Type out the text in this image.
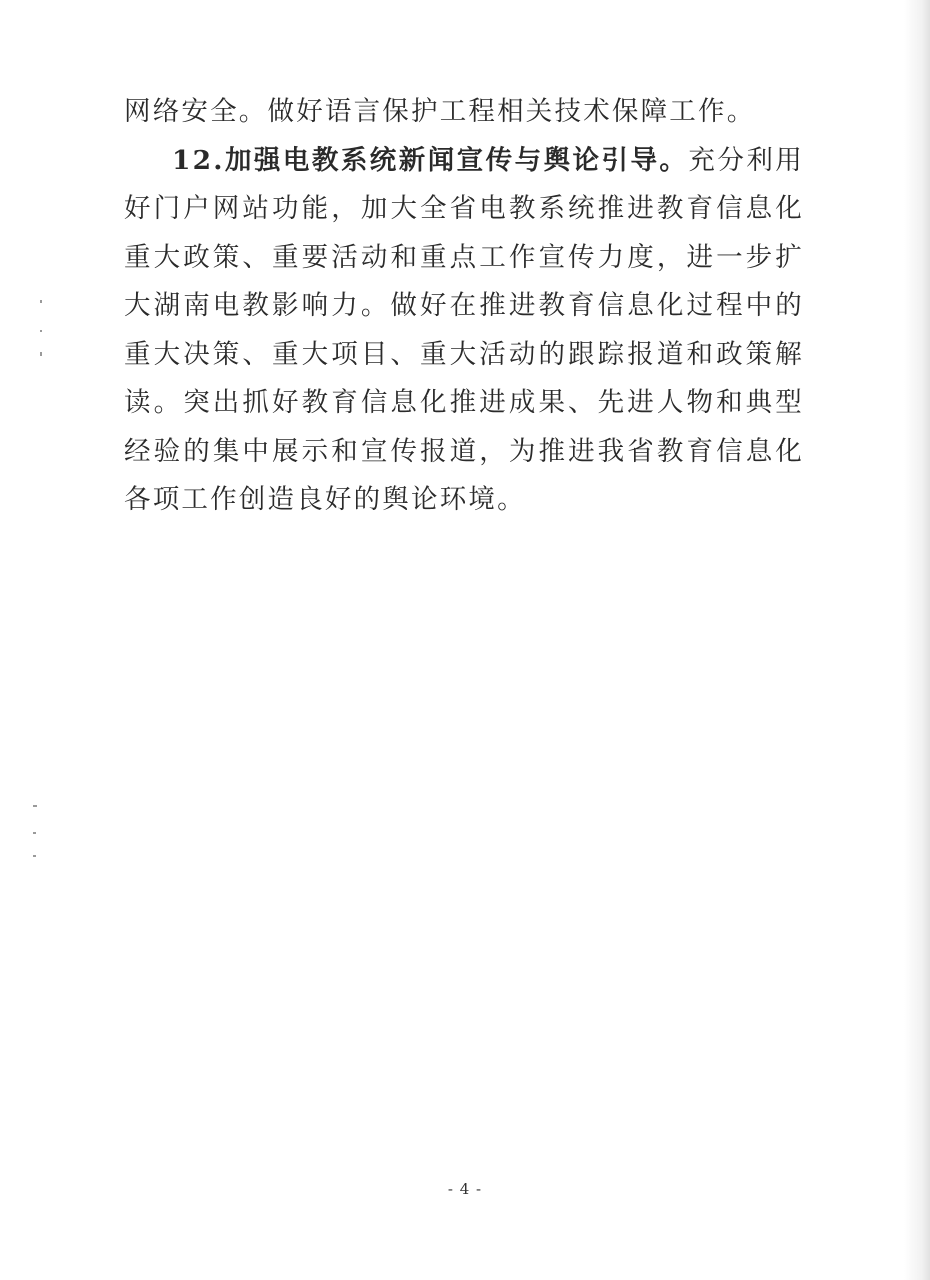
网络安全。做好语言保护工程相关技术保障工作。

12.加强电教系统新闻宣传与舆论引导。充分利用好门户网站功能，加大全省电教系统推进教育信息化重大政策、重要活动和重点工作宣传力度，进一步扩大湖南电教影响力。做好在推进教育信息化过程中的重大决策、重大项目、重大活动的跟踪报道和政策解读。突出抓好教育信息化推进成果、先进人物和典型经验的集中展示和宣传报道，为推进我省教育信息化各项工作创造良好的舆论环境。

- 4 -
